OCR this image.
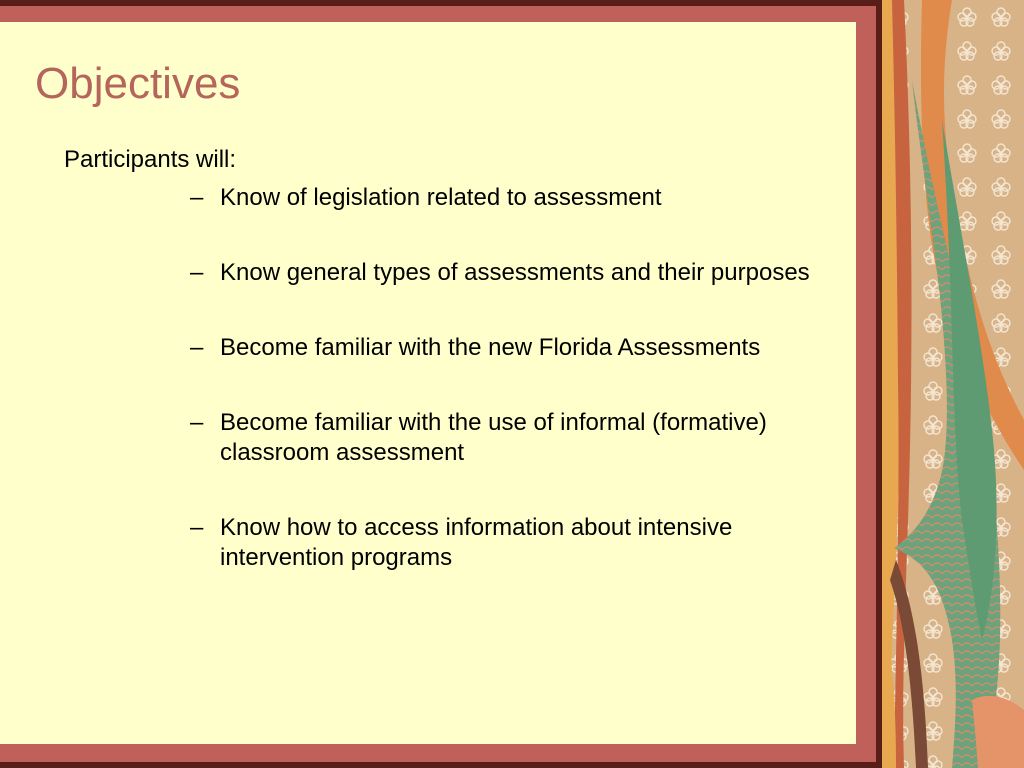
Objectives
Participants will:
– Know of legislation related to assessment
– Know general types of assessments and their purposes
– Become familiar with the new Florida Assessments
– Become familiar with the use of informal (formative) classroom assessment
– Know how to access information about intensive intervention programs
